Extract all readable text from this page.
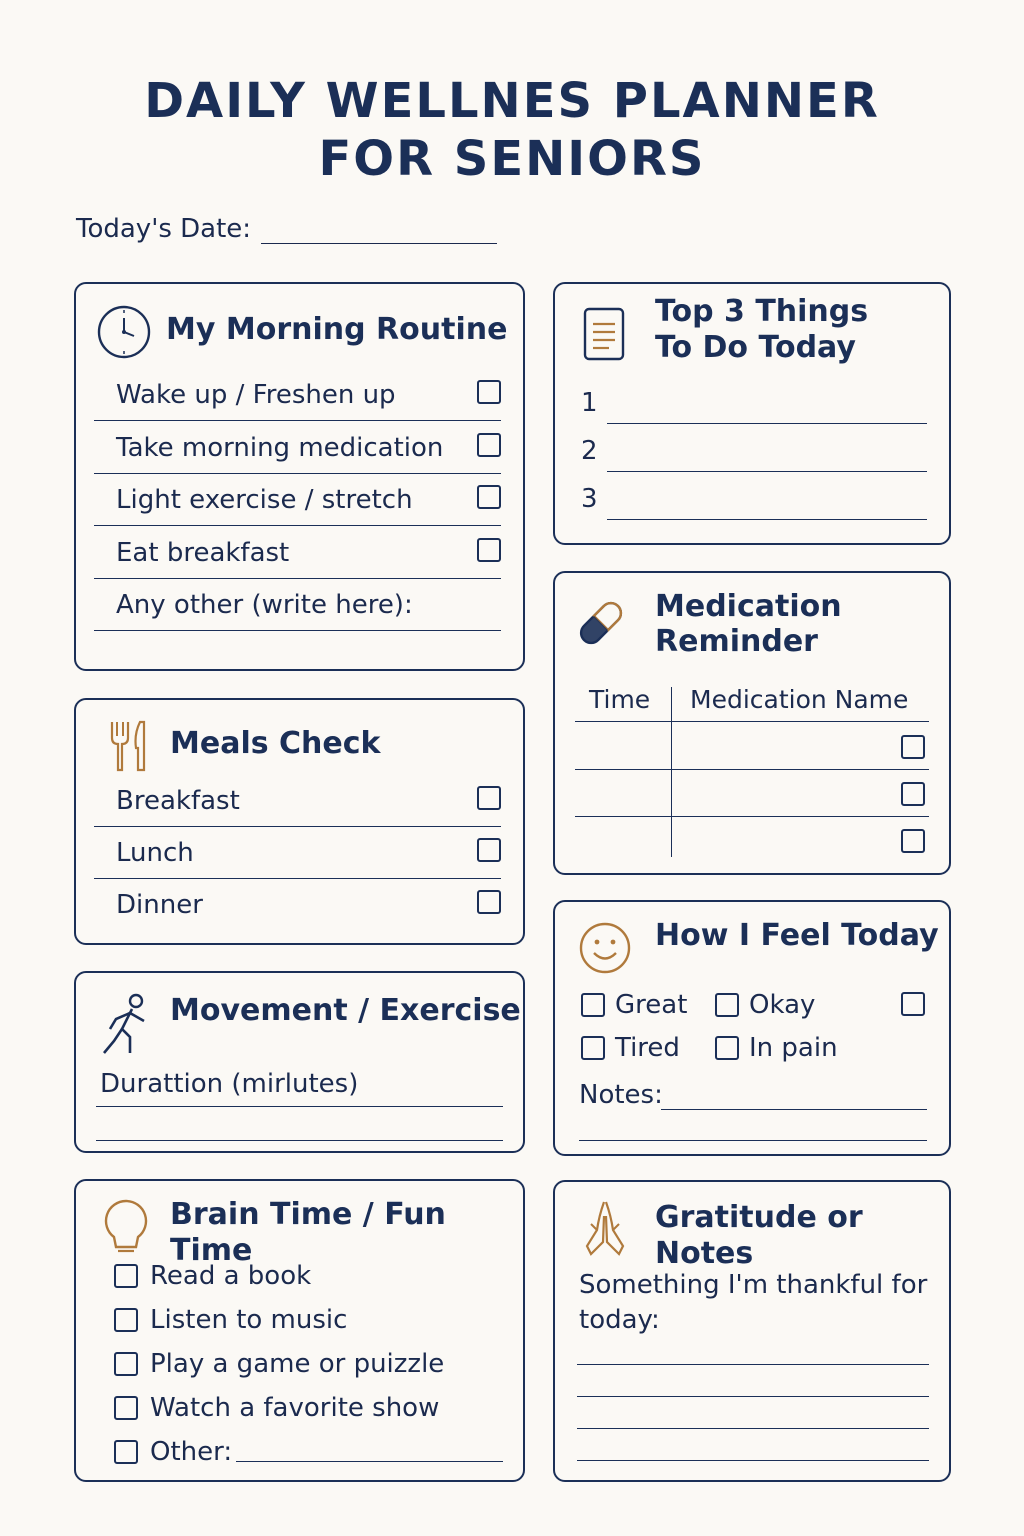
DAILY WELLNES PLANNER
FOR SENIORS
Today's Date:
My Morning Routine
Wake up / Freshen up
Take morning medication
Light exercise / stretch
Eat breakfast
Any other (write here):
Top 3 Things
To Do Today
1
2
3
Meals Check
Breakfast
Lunch
Dinner
Medication
Reminder
Time Medication Name
Movement / Exercise
Durattion (mirlutes)
How I Feel Today
Great Okay
Tired	In pain
Notes:
Brain Time / Fun Time
Read a book
Listen to music
Play a game or puizzle
Watch a favorite show
Other:
Gratitude or Notes
Something I'm thankful for
today:
